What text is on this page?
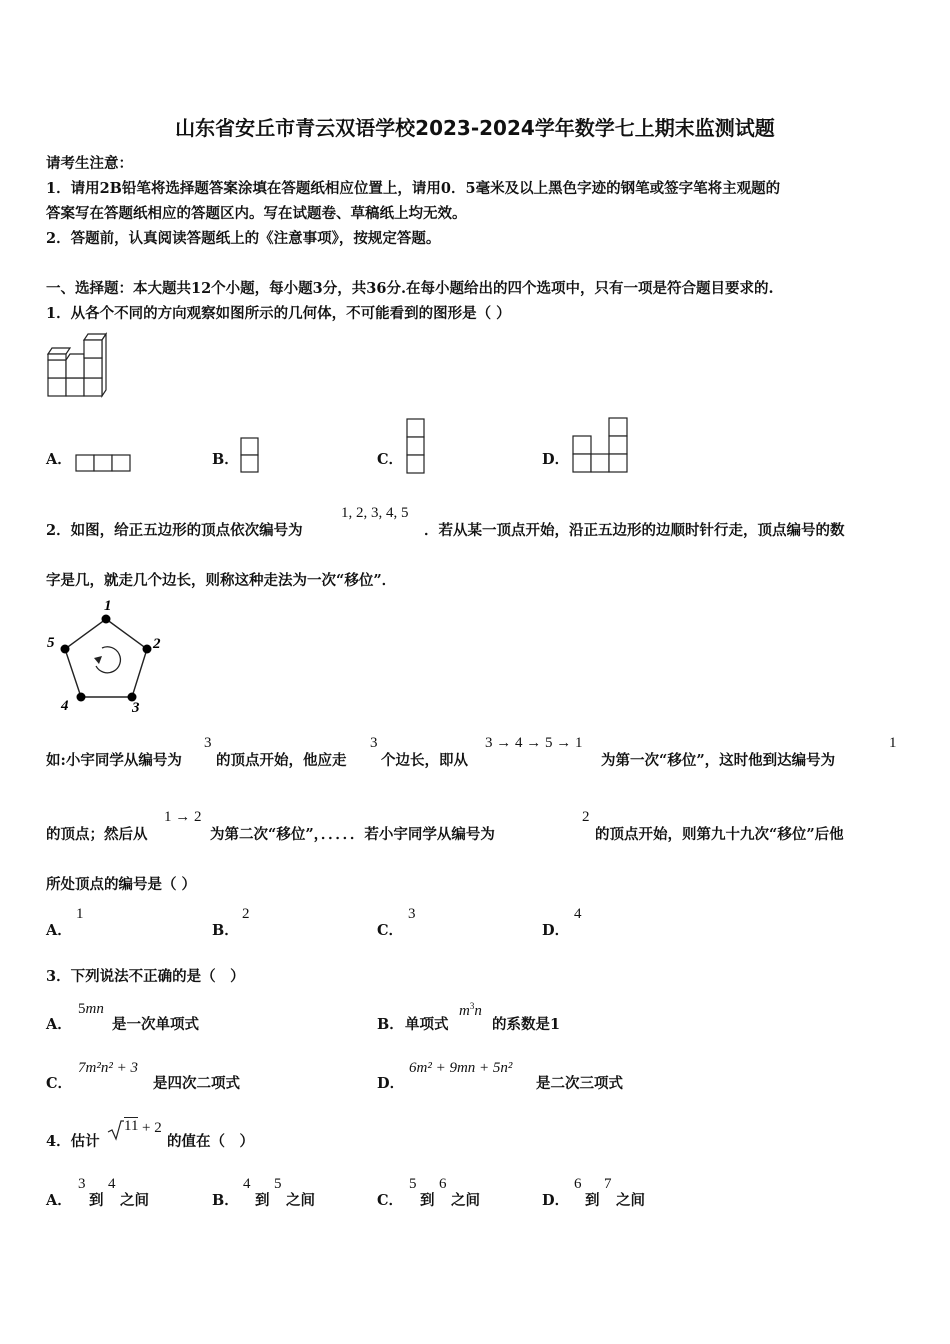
山东省安丘市青云双语学校2023-2024学年数学七上期末监测试题
请考生注意：
1．请用2B铅笔将选择题答案涂填在答题纸相应位置上，请用0．5毫米及以上黑色字迹的钢笔或签字笔将主观题的
答案写在答题纸相应的答题区内。写在试题卷、草稿纸上均无效。
2．答题前，认真阅读答题纸上的《注意事项》，按规定答题。
一、选择题：本大题共12个小题，每小题3分，共36分.在每小题给出的四个选项中，只有一项是符合题目要求的.
1．从各个不同的方向观察如图所示的几何体，不可能看到的图形是（ ）
A．	B．	C．	D．
2．如图，给正五边形的顶点依次编号为
1, 2, 3, 4, 5
．若从某一顶点开始，沿正五边形的边顺时针行走，顶点编号的数
字是几，就走几个边长，则称这种走法为一次“移位”．
1
2
3
4
5
如:小宇同学从编号为
3
的顶点开始，他应走
3
个边长，即从
3 → 4 → 5 → 1
为第一次“移位”，这时他到达编号为
1
的顶点；然后从
1 → 2
为第二次“移位”，．．．．．若小宇同学从编号为
2
的顶点开始，则第九十九次“移位”后他
所处顶点的编号是（ ）
A．
1
B．
2
C．
3
D．
4
3．下列说法不正确的是（　）
A．
5mn
是一次单项式	B． 单项式
$m^3n$
的系数是1
C．
7m²n² + 3
是四次二项式	D．
6m² + 9mn + 5n²
是二次三项式
4．估计
11 + 2
的值在（　）
A．
3
到
4
之间	B．
4
到
5
之间	C．
5
到
6
之间	D．
6
到
7
之间
